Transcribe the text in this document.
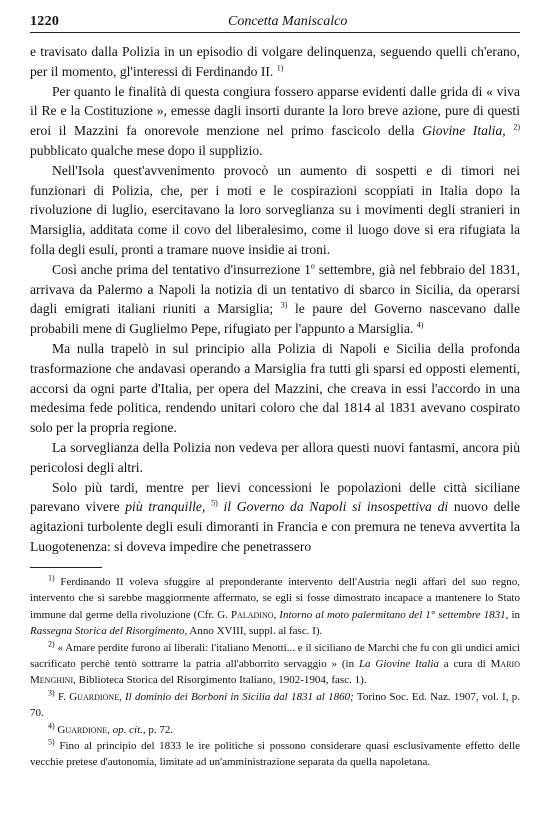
1220	Concetta Maniscalco

e travisato dalla Polizia in un episodio di volgare delinquenza, seguendo quelli ch'erano, per il momento, gl'interessi di Ferdinando II. $^{1)}$

Per quanto le finalità di questa congiura fossero apparse evidenti dalle grida di « viva il Re e la Costituzione », emesse dagli insorti durante la loro breve azione, pure di questi eroi il Mazzini fa onorevole menzione nel primo fascicolo della Giovine Italia, $^{2)}$ pubblicato qualche mese dopo il supplizio.

Nell'Isola quest'avvenimento provocò un aumento di sospetti e di timori nei funzionari di Polizia, che, per i moti e le cospirazioni scoppiati in Italia dopo la rivoluzione di luglio, esercitavano la loro sorveglianza su i movimenti degli stranieri in Marsiglia, additata come il covo del liberalesimo, come il luogo dove si era rifugiata la folla degli esuli, pronti a tramare nuove insidie ai troni.

Così anche prima del tentativo d'insurrezione 1$^o$ settembre, già nel febbraio del 1831, arrivava da Palermo a Napoli la notizia di un tentativo di sbarco in Sicilia, da operarsi dagli emigrati italiani riuniti a Marsiglia; $^{3)}$ le paure del Governo nascevano dalle probabili mene di Guglielmo Pepe, rifugiato per l'appunto a Marsiglia. $^{4)}$

Ma nulla trapelò in sul principio alla Polizia di Napoli e Sicilia della profonda trasformazione che andavasi operando a Marsiglia fra tutti gli sparsi ed opposti elementi, accorsi da ogni parte d'Italia, per opera del Mazzini, che creava in essi l'accordo in una medesima fede politica, rendendo unitari coloro che dal 1814 al 1831 avevano cospirato solo per la propria regione.

La sorveglianza della Polizia non vedeva per allora questi nuovi fantasmi, ancora più pericolosi degli altri.

Solo più tardi, mentre per lievi concessioni le popolazioni delle città siciliane parevano vivere più tranquille, $^{5)}$ il Governo da Napoli si insospettiva di nuovo delle agitazioni turbolente degli esuli dimoranti in Francia e con premura ne teneva avvertita la Luogotenenza: si doveva impedire che penetrassero

$^{1)}$ Ferdinando II voleva sfuggire al preponderante intervento dell'Austria negli affari del suo regno, intervento che si sarebbe maggiormente affermato, se egli si fosse dimostrato incapace a mantenere lo Stato immune dal germe della rivoluzione (Cfr. G. Paladino, Intorno al moto palermitano del 1° settembre 1831, in Rassegna Storica del Risorgimento, Anno XVIII, suppl. al fasc. I).

$^{2)}$ « Amare perdite furono ai liberali: l'italiano Menotti... e il siciliano de Marchi che fu con gli undici amici sacrificato perchè tentò sottrarre la patria all'abborrito servaggio » (in La Giovine Italia a cura di Mario Menghini, Biblioteca Storica del Risorgimento Italiano, 1902-1904, fasc. 1).

$^{3)}$ F. Guardione, Il dominio dei Borboni in Sicilia dal 1831 al 1860; Torino Soc. Ed. Naz. 1907, vol. I, p. 70.

$^{4)}$ Guardione, op. cit., p. 72.

$^{5)}$ Fino al principio del 1833 le ire politiche si possono considerare quasi esclusivamente effetto delle vecchie pretese d'autonomia, limitate ad un'amministrazione separata da quella napoletana.
